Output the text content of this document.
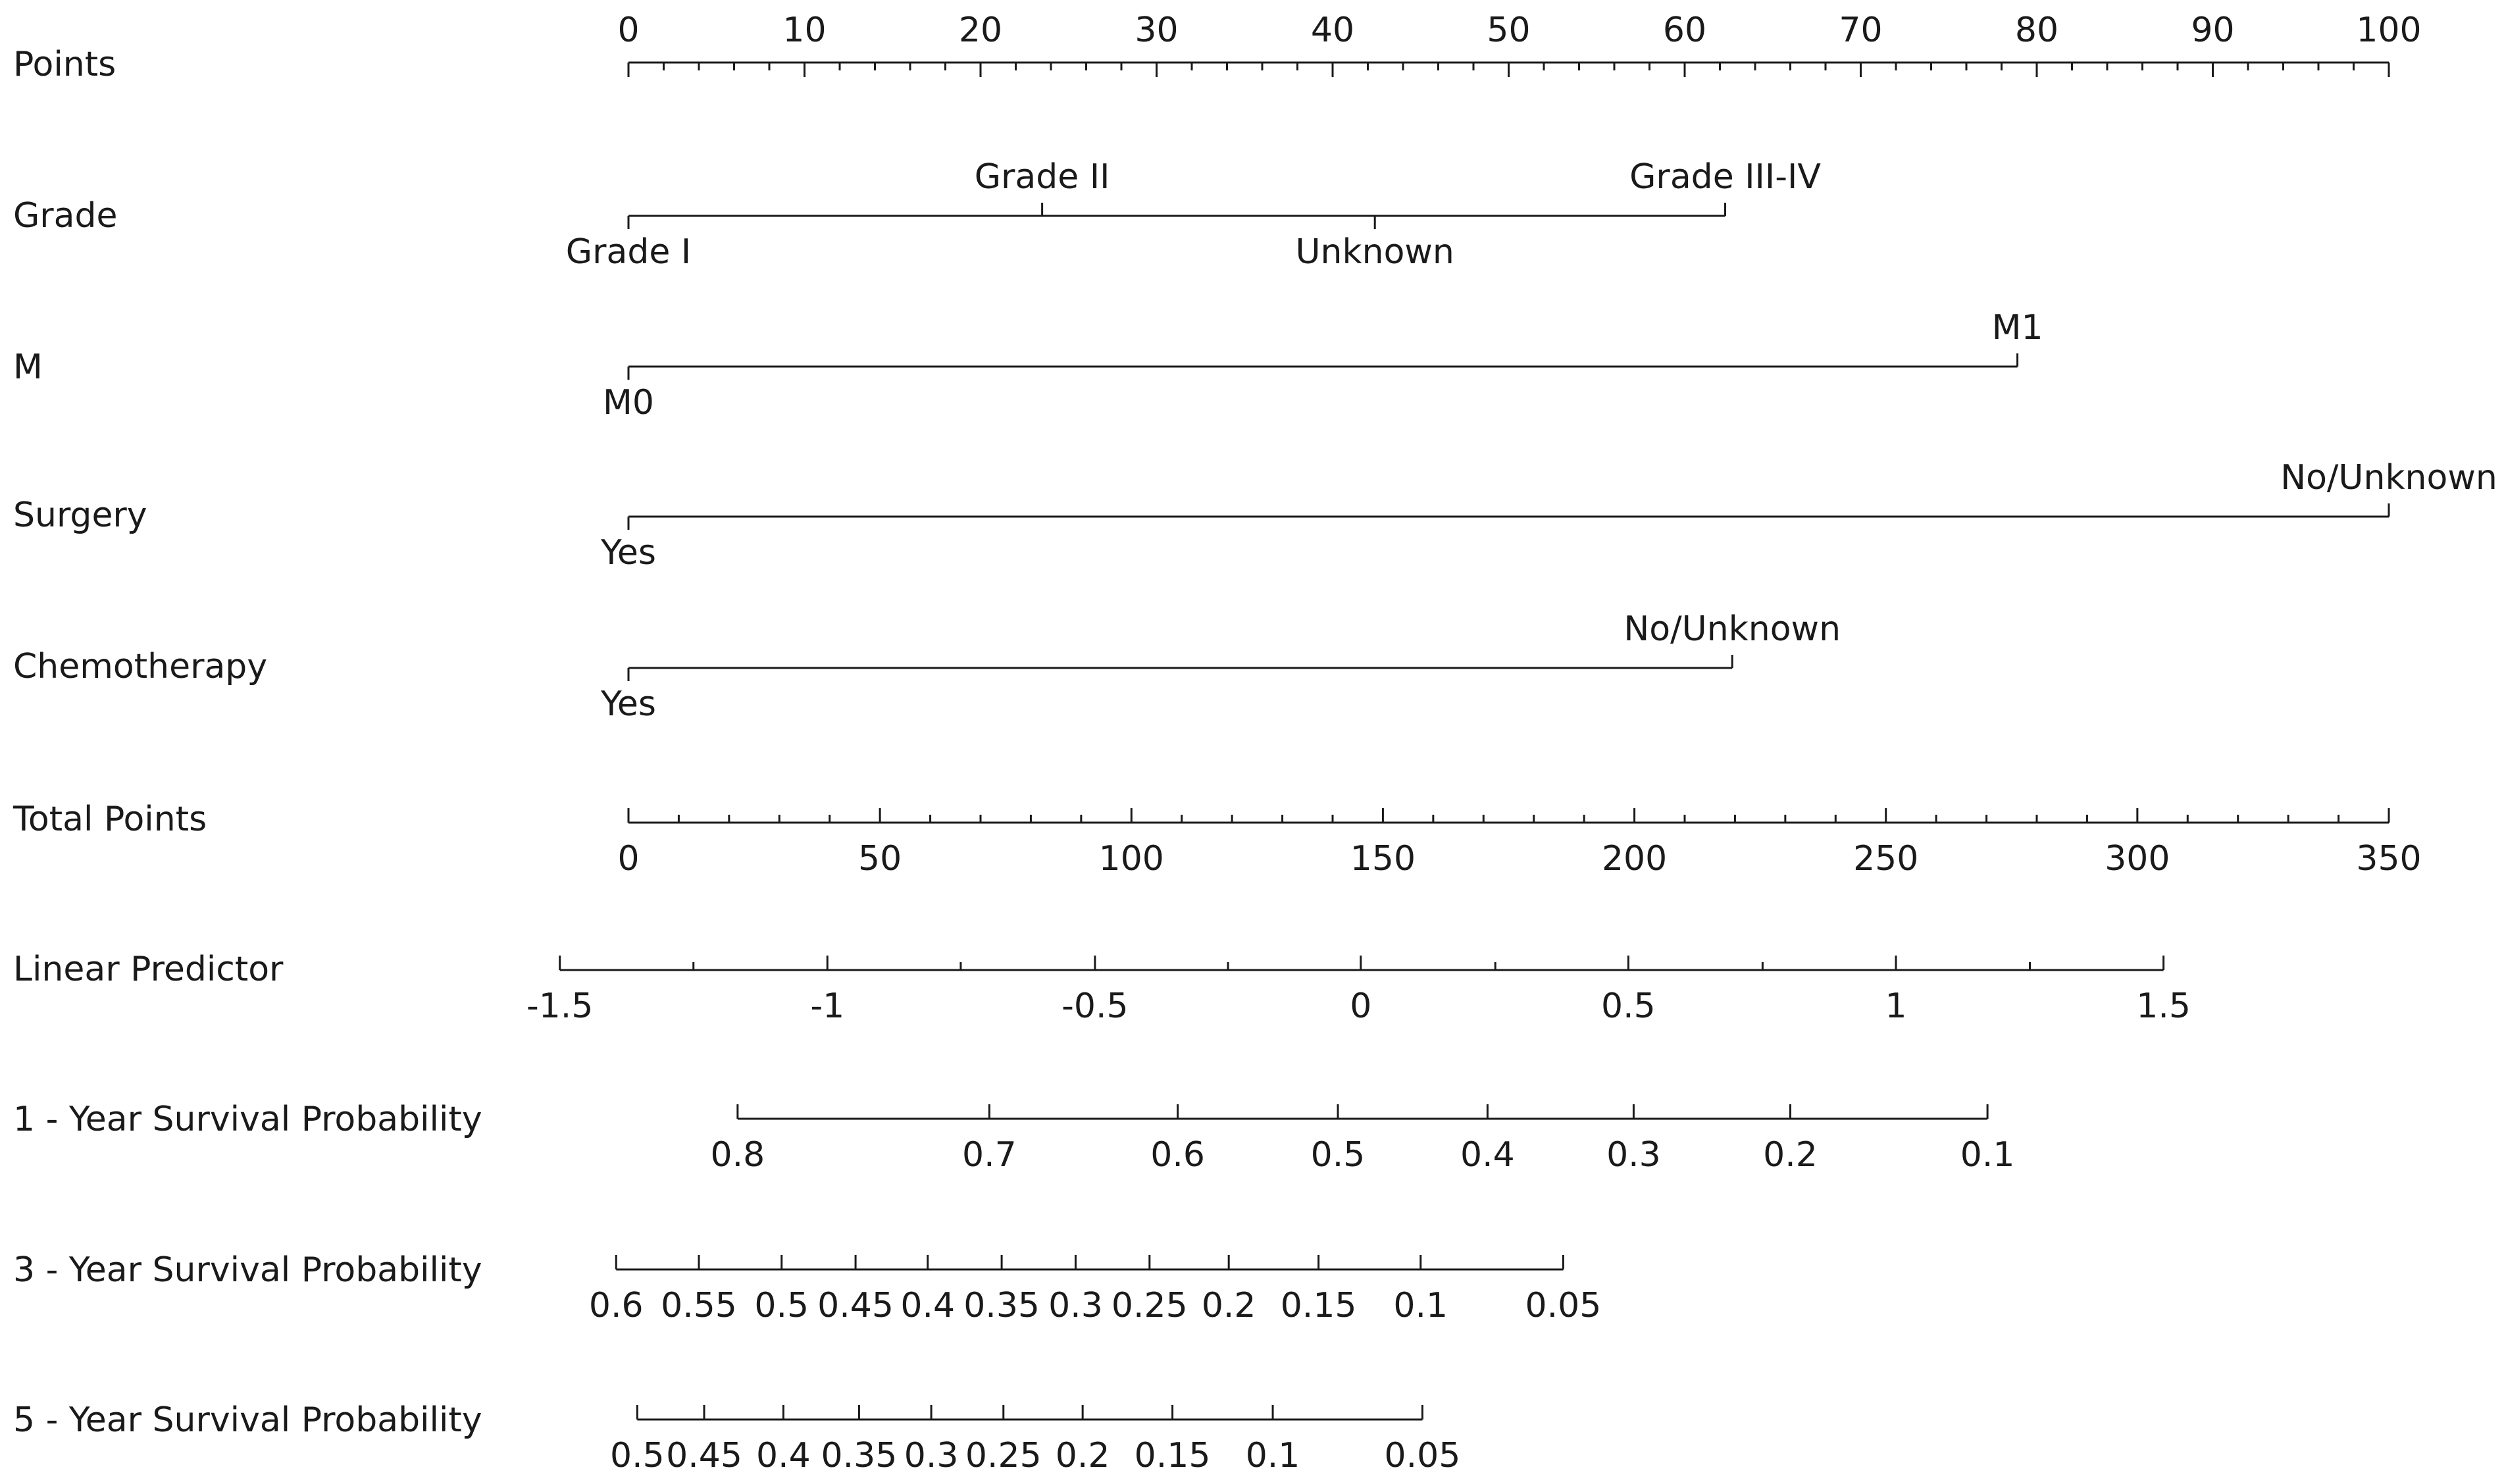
Points
0	10	20	30	40	50	60	70	80	90	100
Grade
Grade I
Grade II
Unknown
Grade III-IV
M
M0
M1
Surgery
Yes
No/Unknown
Chemotherapy
Yes
No/Unknown
Total Points
0	50	100	150	200	250	300	350
Linear Predictor
-1.5	-1	-0.5	0	0.5	1	1.5
1 - Year Survival Probability
0.8	0.7	0.6	0.5	0.4	0.3	0.2	0.1
3 - Year Survival Probability
0.6 0.55 0.5 0.45 0.4 0.35 0.3 0.25 0.2 0.15 0.1 0.05
5 - Year Survival Probability
0.5 0.45 0.4 0.35 0.3 0.25 0.2 0.15 0.1 0.05
